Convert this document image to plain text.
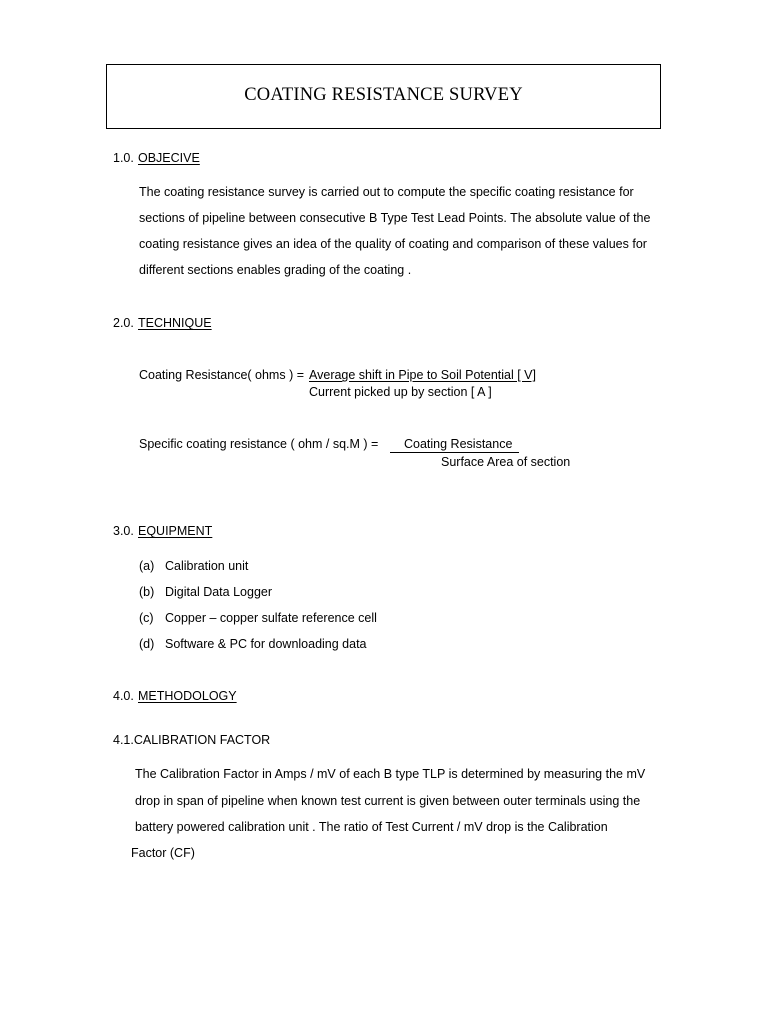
COATING RESISTANCE SURVEY
1.0. OBJECIVE
The coating resistance survey is carried out to compute the specific coating resistance for
sections of pipeline between consecutive B Type Test Lead Points. The absolute value of the
coating resistance gives an idea of the quality of coating and comparison of these values for
different sections enables grading of the coating .
2.0. TECHNIQUE
Coating Resistance( ohms ) = Average shift in Pipe to Soil Potential [ V]
Current picked up by section [ A ]
Specific coating resistance ( ohm / sq.M ) = Coating Resistance
Surface Area of section
3.0. EQUIPMENT
(a) Calibration unit
(b) Digital Data Logger
(c) Copper – copper sulfate reference cell
(d) Software & PC for downloading data
4.0. METHODOLOGY
4.1.CALIBRATION FACTOR
The Calibration Factor in Amps / mV of each B type TLP is determined by measuring the mV
drop in span of pipeline when known test current is given between outer terminals using the
battery powered calibration unit . The ratio of Test Current / mV drop is the Calibration
Factor (CF)
